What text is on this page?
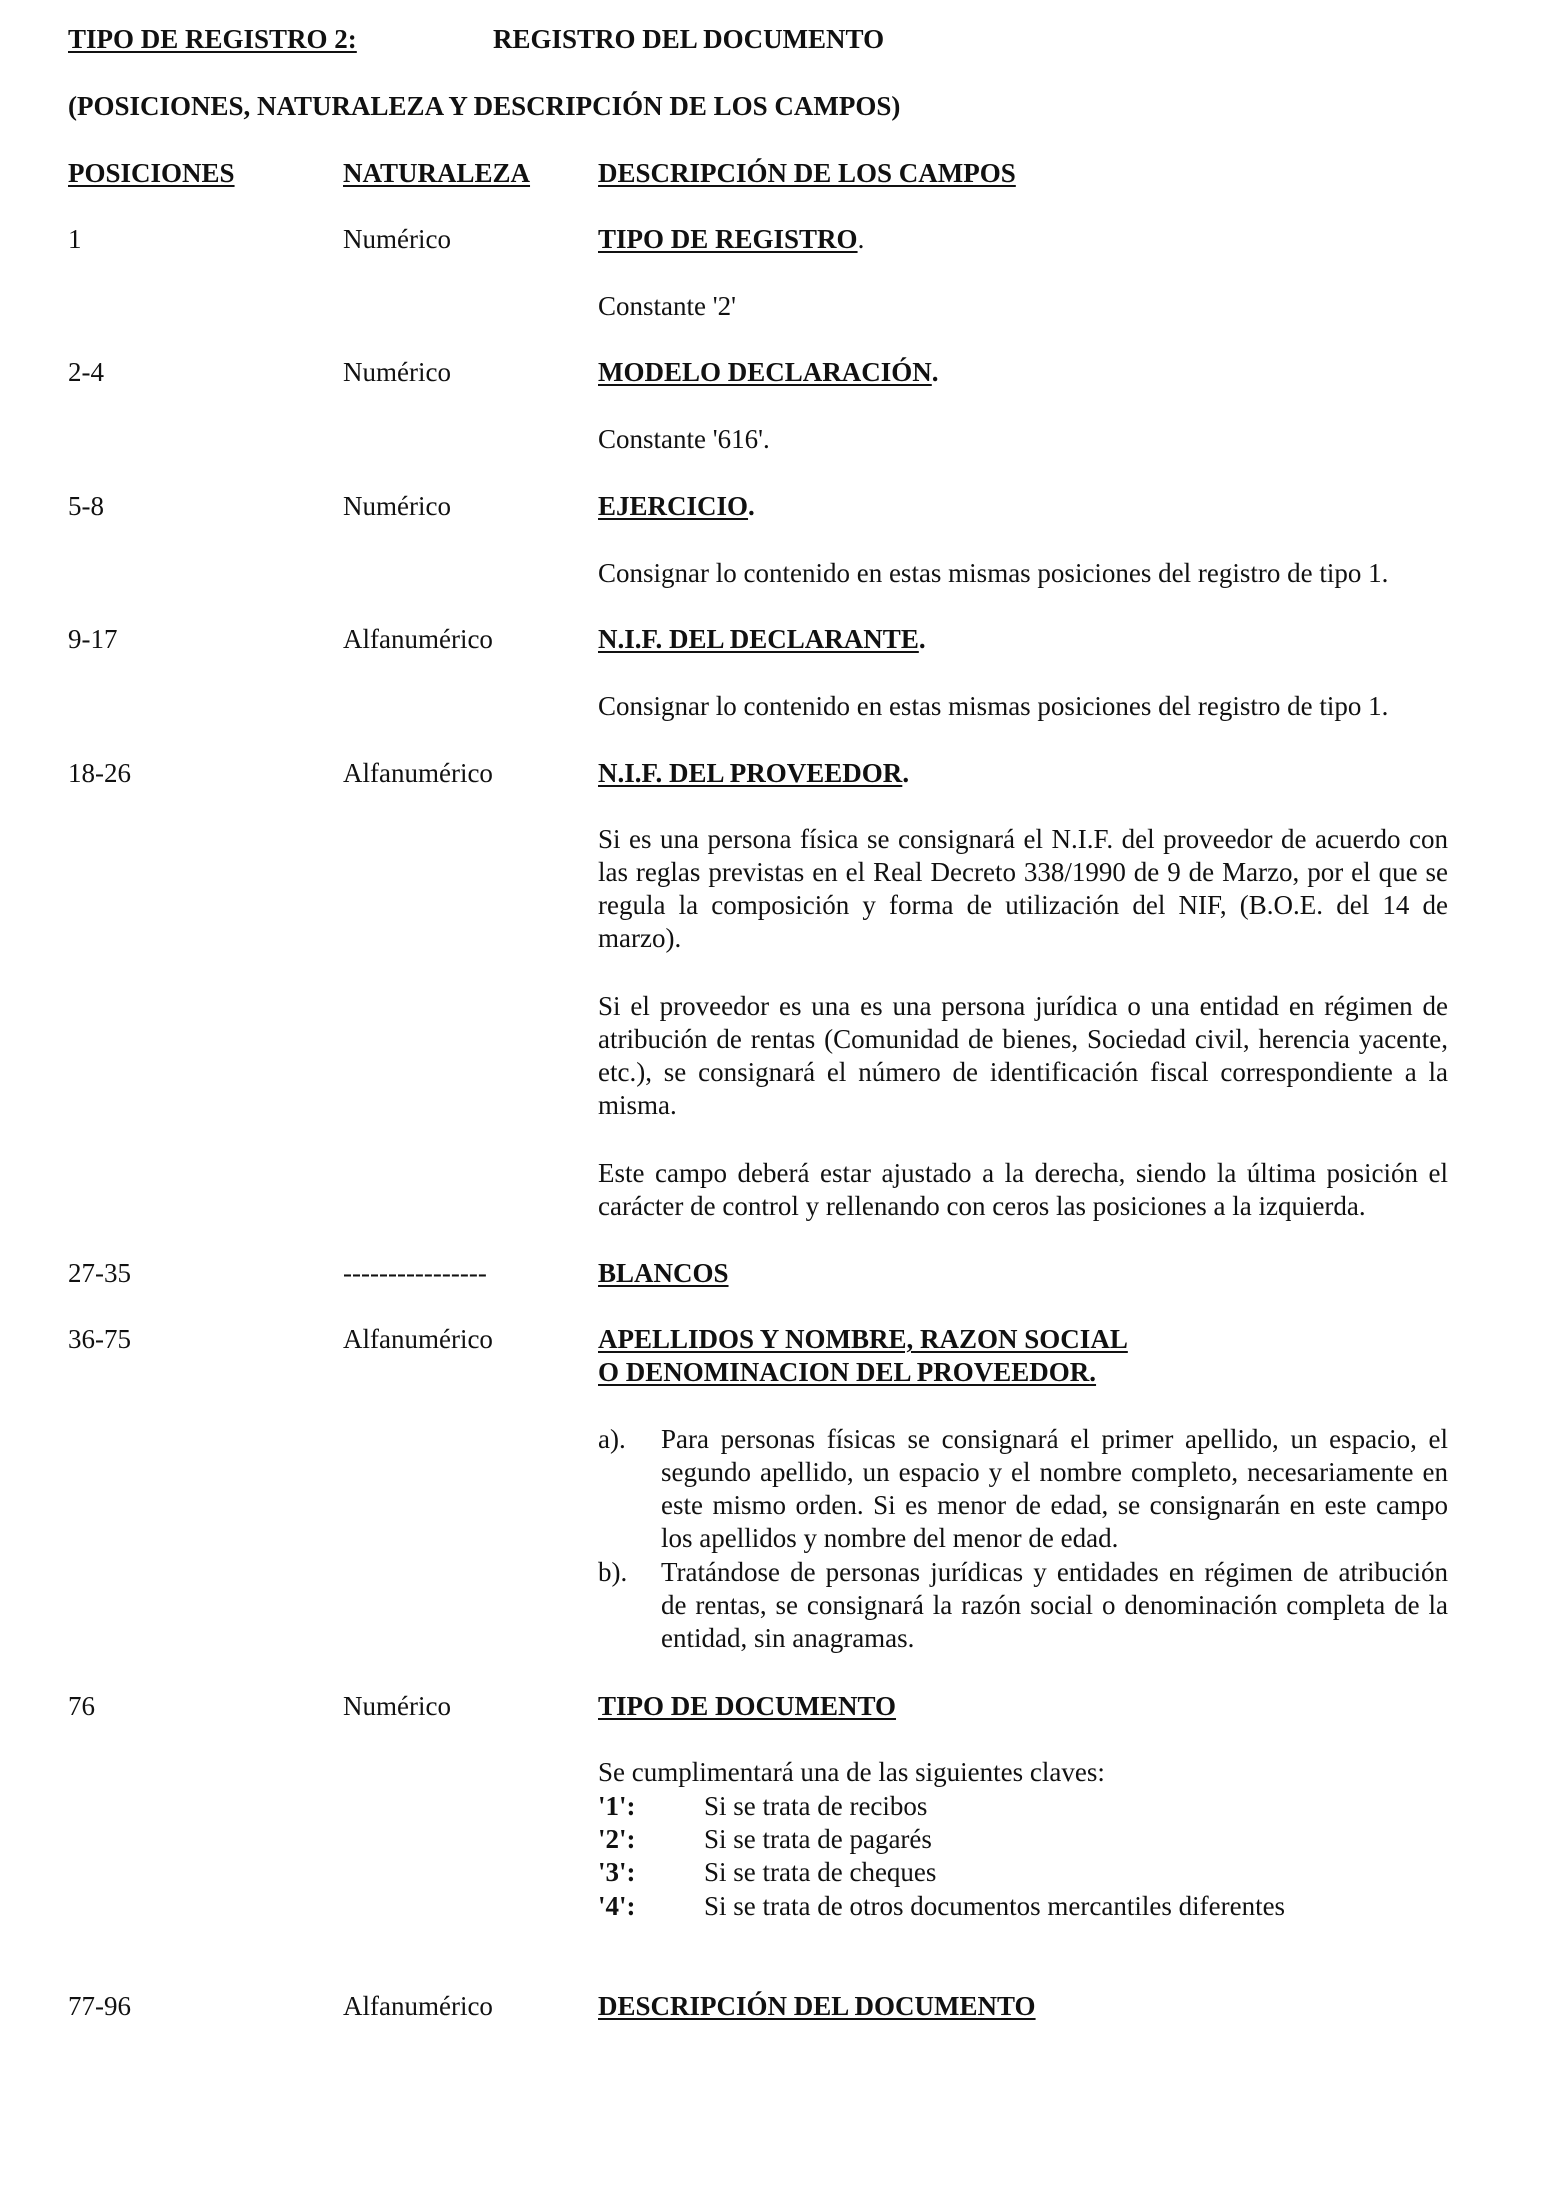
TIPO DE REGISTRO 2:	REGISTRO DEL DOCUMENTO
(POSICIONES, NATURALEZA Y DESCRIPCIÓN DE LOS CAMPOS)
POSICIONES	NATURALEZA	DESCRIPCIÓN DE LOS CAMPOS
1	Numérico	TIPO DE REGISTRO.
Constante '2'
2-4	Numérico	MODELO DECLARACIÓN.
Constante '616'.
5-8	Numérico	EJERCICIO.
Consignar lo contenido en estas mismas posiciones del registro de tipo 1.
9-17	Alfanumérico	N.I.F. DEL DECLARANTE.
Consignar lo contenido en estas mismas posiciones del registro de tipo 1.
18-26	Alfanumérico	N.I.F. DEL PROVEEDOR.
Si es una persona física se consignará el N.I.F. del proveedor de acuerdo con las reglas previstas en el Real Decreto 338/1990 de 9 de Marzo, por el que se regula la composición y forma de utilización del NIF, (B.O.E. del 14 de marzo).
Si el proveedor es una es una persona jurídica o una entidad en régimen de atribución de rentas (Comunidad de bienes, Sociedad civil, herencia yacente, etc.), se consignará el número de identificación fiscal correspondiente a la misma.
Este campo deberá estar ajustado a la derecha, siendo la última posición el carácter de control y rellenando con ceros las posiciones a la izquierda.
27-35	----------------	BLANCOS
36-75	Alfanumérico	APELLIDOS Y NOMBRE, RAZON SOCIAL
O DENOMINACION DEL PROVEEDOR.
a). Para personas físicas se consignará el primer apellido, un espacio, el segundo apellido, un espacio y el nombre completo, necesariamente en este mismo orden. Si es menor de edad, se consignarán en este campo los apellidos y nombre del menor de edad.
b). Tratándose de personas jurídicas y entidades en régimen de atribución de rentas, se consignará la razón social o denominación completa de la entidad, sin anagramas.
76	Numérico	TIPO DE DOCUMENTO
Se cumplimentará una de las siguientes claves:
'1':	Si se trata de recibos
'2':	Si se trata de pagarés
'3':	Si se trata de cheques
'4':	Si se trata de otros documentos mercantiles diferentes
77-96	Alfanumérico	DESCRIPCIÓN DEL DOCUMENTO
